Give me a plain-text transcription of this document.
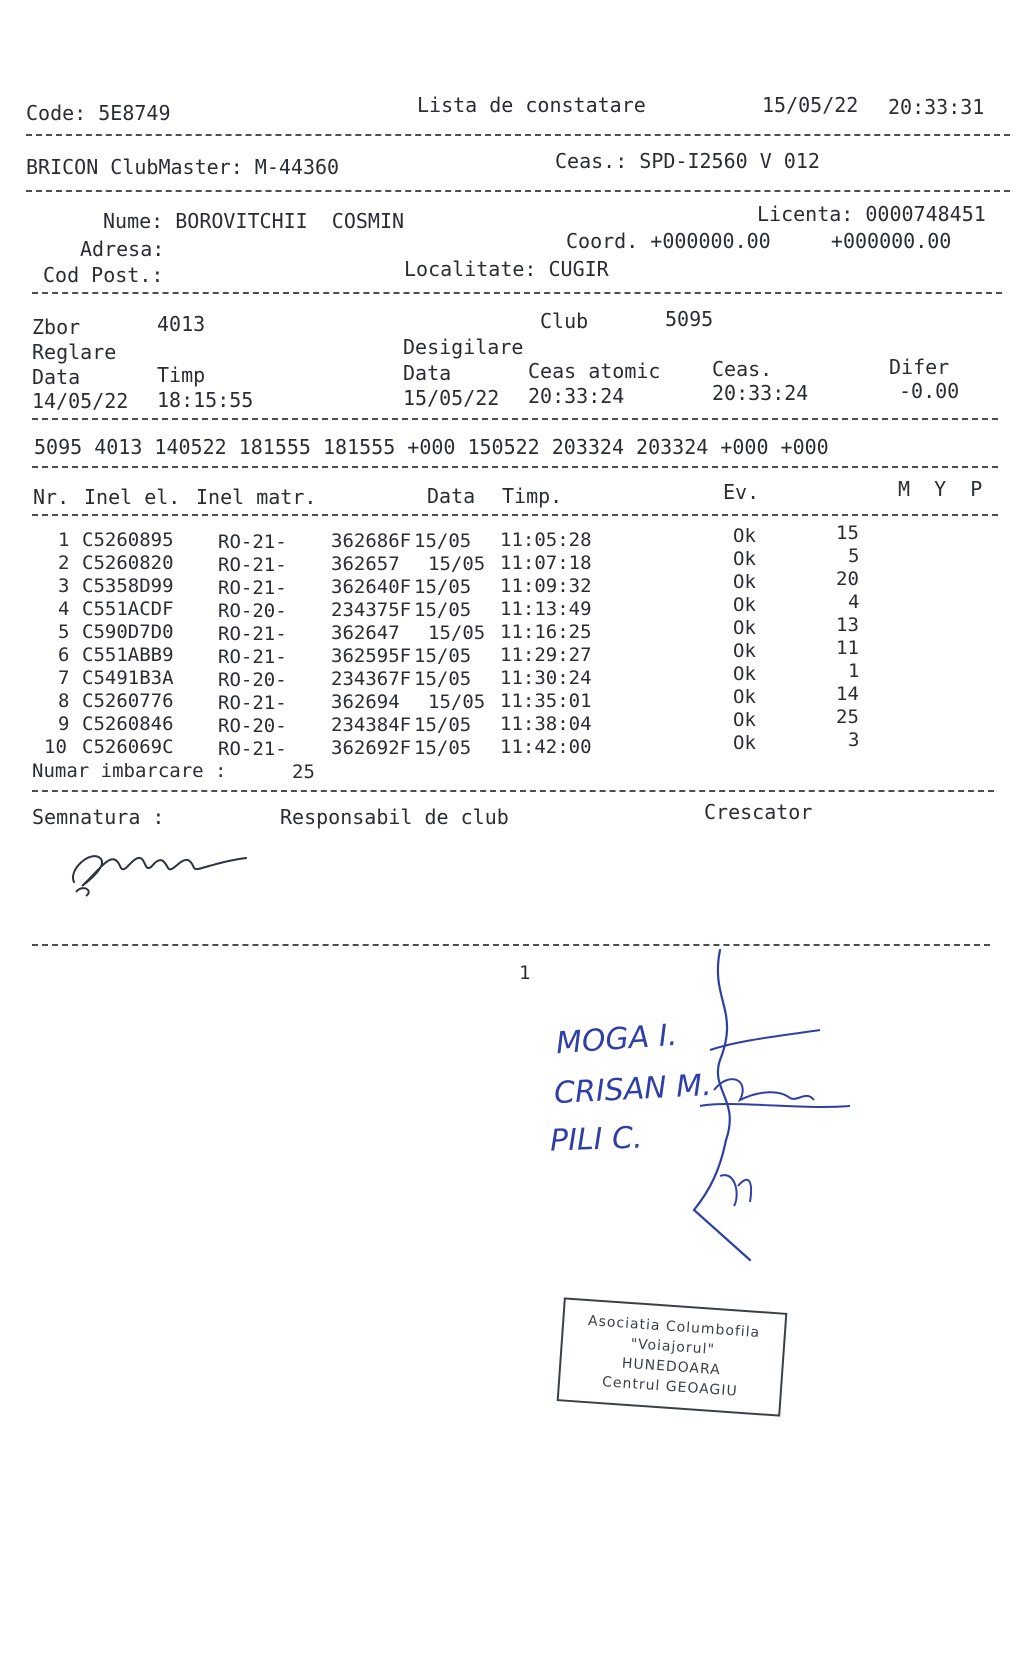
Code: 5E8749	Lista de constatare	15/05/22 20:33:31
BRICON ClubMaster: M-44360	Ceas.: SPD-I2560 V 012
Licenta: 0000748451
Nume: BOROVITCHII  COSMIN
Adresa:	Coord. +000000.00     +000000.00
Cod Post.:	Localitate: CUGIR
Zbor	4013	Club	5095
Reglare	Desigilare
Data	Timp	Data	Ceas atomic	Ceas.	Difer
14/05/22 18:15:55	15/05/22 20:33:24	20:33:24	-0.00
5095 4013 140522 181555 181555 +000 150522 203324 203324 +000 +000
Nr. Inel el. Inel matr.	Data Timp.	Ev.	M  Y  P
1 C5260895 RO-21- 362686F 15/05 11:05:28	Ok	15
2 C5260820 RO-21- 362657 15/05 11:07:18	Ok	5
3 C5358D99 RO-21- 362640F 15/05 11:09:32	Ok	20
4 C551ACDF RO-20- 234375F 15/05 11:13:49	Ok	4
5 C590D7D0 RO-21- 362647 15/05 11:16:25	Ok	13
6 C551ABB9 RO-21- 362595F 15/05 11:29:27	Ok	11
7 C5491B3A RO-20- 234367F 15/05 11:30:24	Ok	1
8 C5260776 RO-21- 362694 15/05 11:35:01	Ok	14
9 C5260846 RO-20- 234384F 15/05 11:38:04	Ok	25
10 C526069C RO-21- 362692F 15/05 11:42:00	Ok	3
Numar imbarcare :	25
Semnatura :	Responsabil de club	Crescator
1
MOGA I.
CRISAN M.
PILI C.
Asociatia Columbofila
"Voiajorul"
HUNEDOARA
Centrul GEOAGIU
